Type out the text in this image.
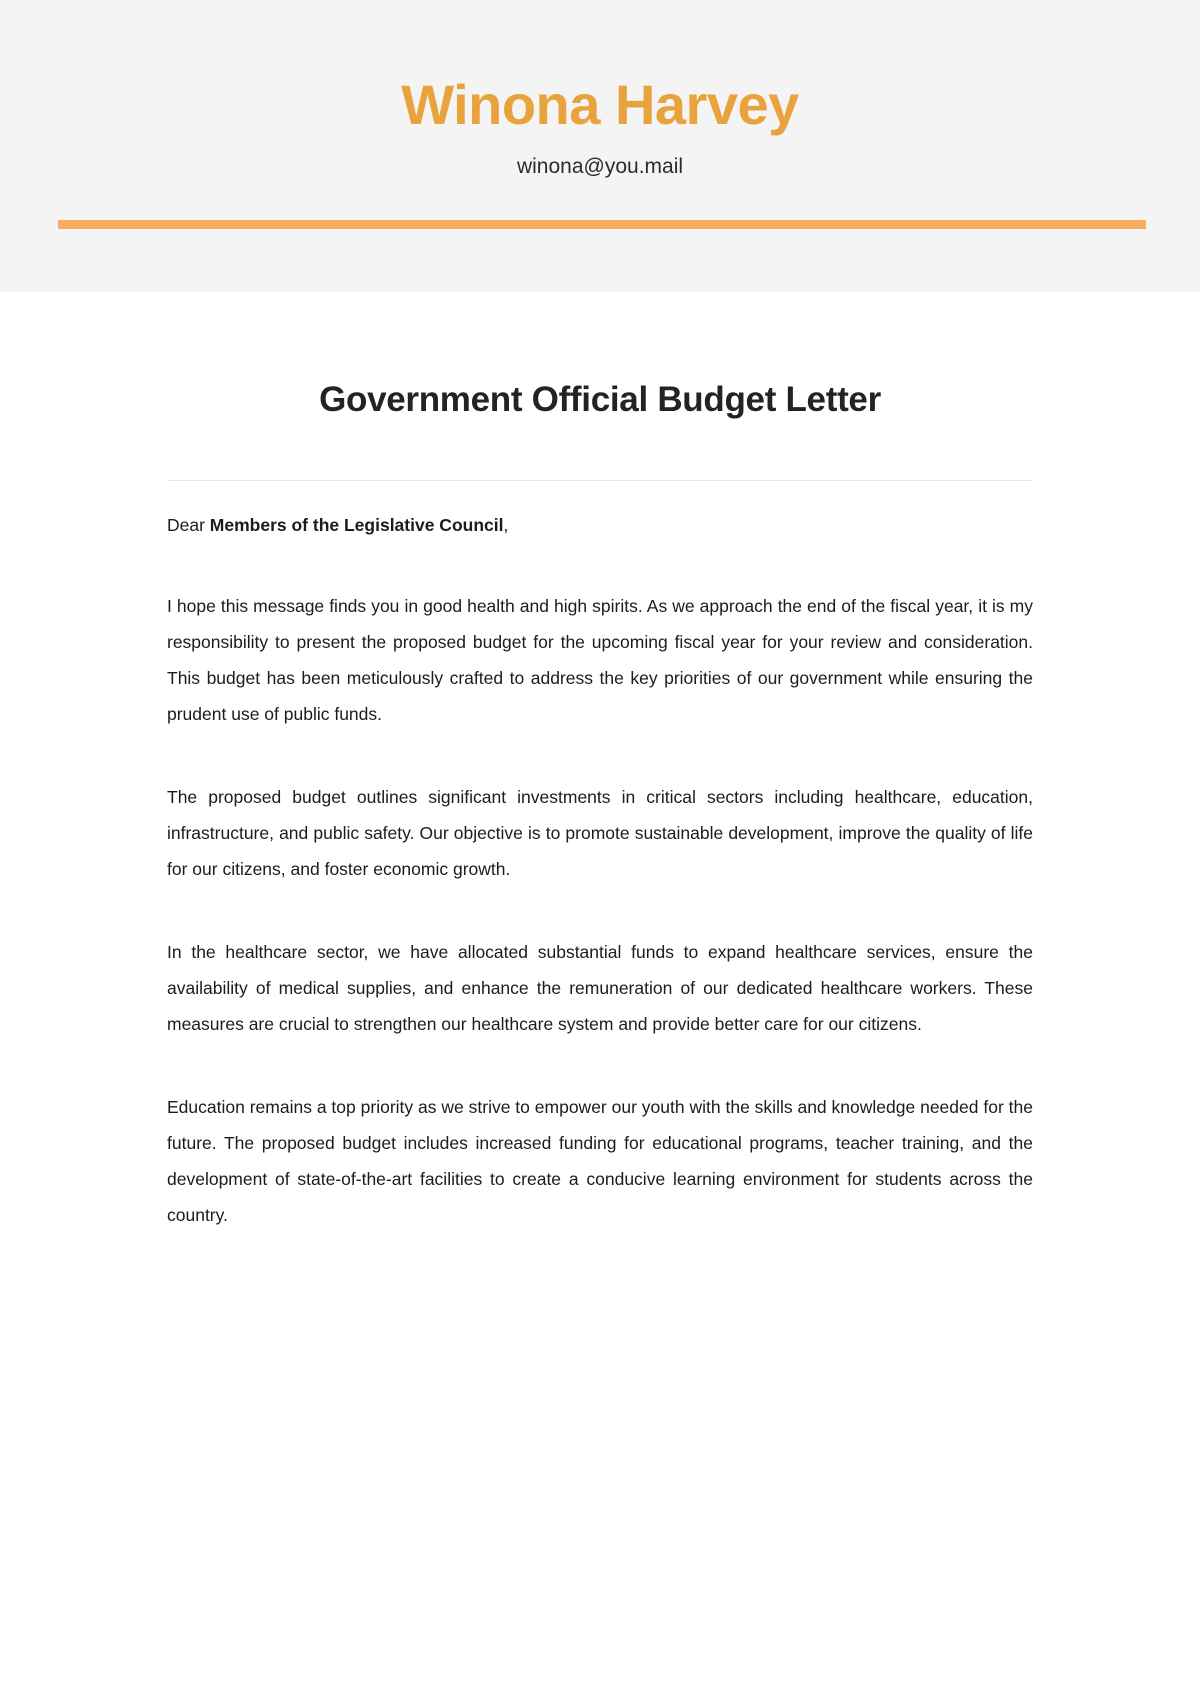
Winona Harvey
winona@you.mail
Government Official Budget Letter

Dear Members of the Legislative Council,

I hope this message finds you in good health and high spirits. As we approach the end of the fiscal year, it is my responsibility to present the proposed budget for the upcoming fiscal year for your review and consideration. This budget has been meticulously crafted to address the key priorities of our government while ensuring the prudent use of public funds.

The proposed budget outlines significant investments in critical sectors including healthcare, education, infrastructure, and public safety. Our objective is to promote sustainable development, improve the quality of life for our citizens, and foster economic growth.

In the healthcare sector, we have allocated substantial funds to expand healthcare services, ensure the availability of medical supplies, and enhance the remuneration of our dedicated healthcare workers. These measures are crucial to strengthen our healthcare system and provide better care for our citizens.

Education remains a top priority as we strive to empower our youth with the skills and knowledge needed for the future. The proposed budget includes increased funding for educational programs, teacher training, and the development of state-of-the-art facilities to create a conducive learning environment for students across the country.
